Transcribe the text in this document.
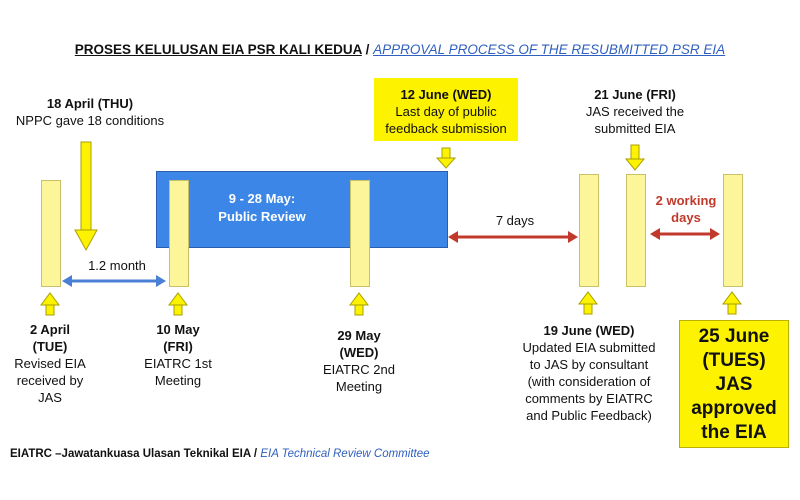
PROSES KELULUSAN EIA PSR KALI KEDUA / APPROVAL PROCESS OF THE RESUBMITTED PSR EIA
9 - 28 May:
Public Review
18 April (THU)
NPPC gave 18 conditions
12 June (WED)
Last day of public
feedback submission
21 June (FRI)
JAS received the
submitted EIA
1.2 month
7 days
2 working
days
2 April
(TUE)
Revised EIA
received by
JAS
10 May
(FRI)
EIATRC 1st
Meeting
29 May
(WED)
EIATRC 2nd
Meeting
19 June (WED)
Updated EIA submitted
to JAS by consultant
(with consideration of
comments by EIATRC
and Public Feedback)
25 June
(TUES)
JAS
approved
the EIA
EIATRC –Jawatankuasa Ulasan Teknikal EIA / EIA Technical Review Committee
